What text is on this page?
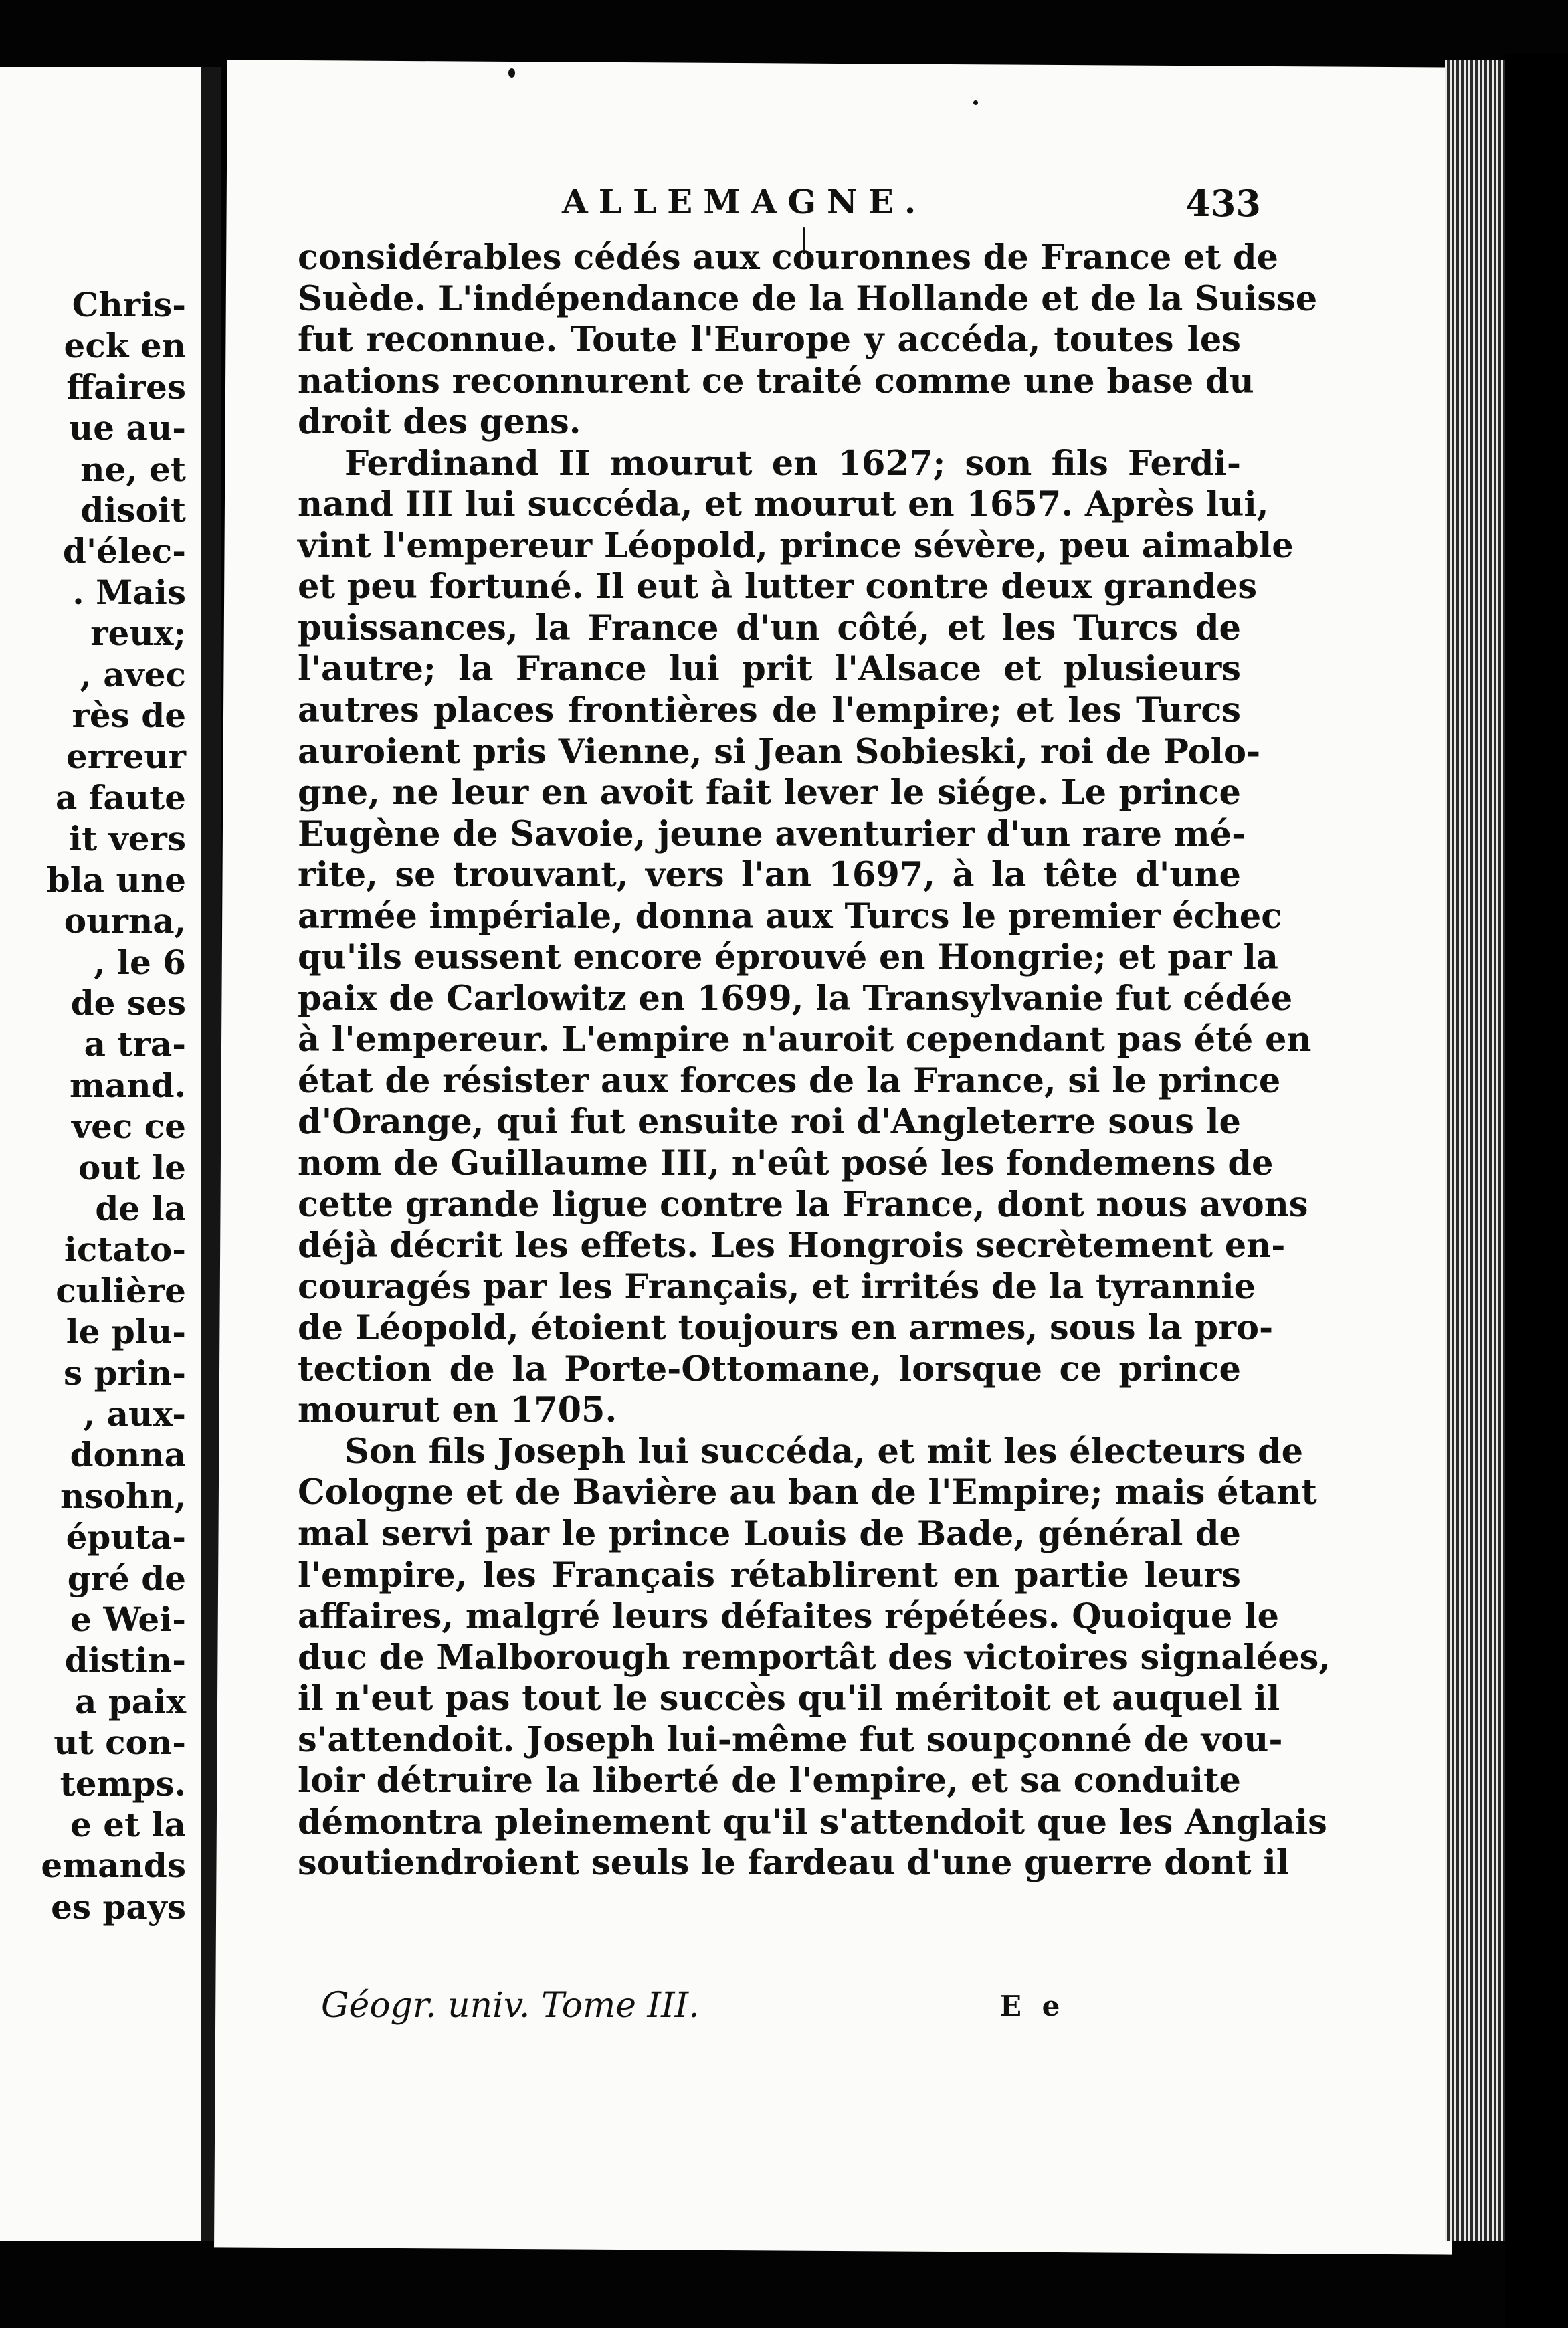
Chris-
eck en
ffaires
ue au-
ne, et
disoit
d'élec-
. Mais
reux;
, avec
rès de
erreur
a faute
it vers
bla une
ourna,
, le 6
de ses
a tra-
mand.
vec ce
out le
de la
ictato-
culière
le plu-
s prin-
, aux-
donna
nsohn,
éputa-
gré de
e Wei-
distin-
a paix
ut con-
temps.
e et la
emands
es pays
ALLEMAGNE.	433
considérables cédés aux couronnes de France et de
Suède. L'indépendance de la Hollande et de la Suisse
fut reconnue. Toute l'Europe y accéda, toutes les
nations reconnurent ce traité comme une base du
droit des gens.
Ferdinand II mourut en 1627; son fils Ferdi-
nand III lui succéda, et mourut en 1657. Après lui,
vint l'empereur Léopold, prince sévère, peu aimable
et peu fortuné. Il eut à lutter contre deux grandes
puissances, la France d'un côté, et les Turcs de
l'autre; la France lui prit l'Alsace et plusieurs
autres places frontières de l'empire; et les Turcs
auroient pris Vienne, si Jean Sobieski, roi de Polo-
gne, ne leur en avoit fait lever le siége. Le prince
Eugène de Savoie, jeune aventurier d'un rare mé-
rite, se trouvant, vers l'an 1697, à la tête d'une
armée impériale, donna aux Turcs le premier échec
qu'ils eussent encore éprouvé en Hongrie; et par la
paix de Carlowitz en 1699, la Transylvanie fut cédée
à l'empereur. L'empire n'auroit cependant pas été en
état de résister aux forces de la France, si le prince
d'Orange, qui fut ensuite roi d'Angleterre sous le
nom de Guillaume III, n'eût posé les fondemens de
cette grande ligue contre la France, dont nous avons
déjà décrit les effets. Les Hongrois secrètement en-
couragés par les Français, et irrités de la tyrannie
de Léopold, étoient toujours en armes, sous la pro-
tection de la Porte-Ottomane, lorsque ce prince
mourut en 1705.
Son fils Joseph lui succéda, et mit les électeurs de
Cologne et de Bavière au ban de l'Empire; mais étant
mal servi par le prince Louis de Bade, général de
l'empire, les Français rétablirent en partie leurs
affaires, malgré leurs défaites répétées. Quoique le
duc de Malborough remportât des victoires signalées,
il n'eut pas tout le succès qu'il méritoit et auquel il
s'attendoit. Joseph lui-même fut soupçonné de vou-
loir détruire la liberté de l'empire, et sa conduite
démontra pleinement qu'il s'attendoit que les Anglais
soutiendroient seuls le fardeau d'une guerre dont il
Géogr. univ. Tome III.	E e
